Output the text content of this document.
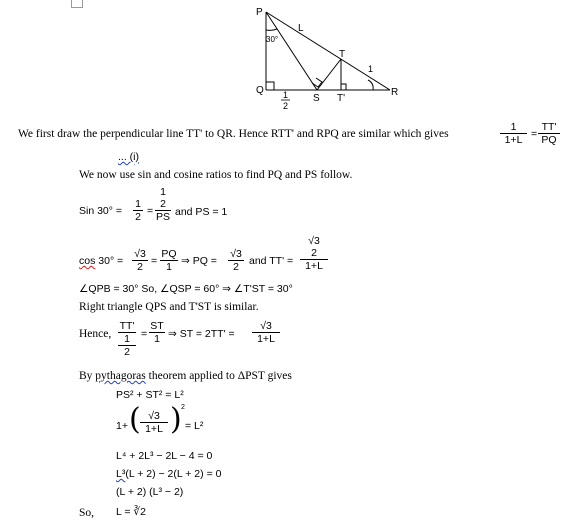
P
L
30°
T
1
Q
S T'
R
1
2
We first draw the perpendicular line TT' to QR. Hence RTT' and RPQ are similar which gives	$\frac{1}{1+L} = \frac{TT'}{PQ}$
... (i)
We now use sin and cosine ratios to find PQ and PS follow.
Sin $30^\circ = \frac{1}{2}$ =
1
2
PS and PS = 1
$\cos 30^\circ = \frac{√3}{2} = \frac{PQ}{1}$ ⇒ PQ = $\frac{√3}{2}$ and TT' =
√3
2
1+L
∠QPB = 30° So, ∠QSP = 60° ⇒ ∠T'ST = 30°
Right triangle QPS and T'ST is similar.
Hence,
TT'
1
2
= $\frac{ST}{1}$ ⇒ ST = $2TT' = \frac{√3}{1+L}$
By pythagoras theorem applied to ΔPST gives
PS² + ST² = L²
1+ ( $\frac{√3}{1+L}$ ) 2
= L²
L⁴ + 2L³ − 2L − 4 = 0
L³(L + 2) − 2(L + 2) = 0
(L + 2) (L³ − 2)
So, L = ∛2
